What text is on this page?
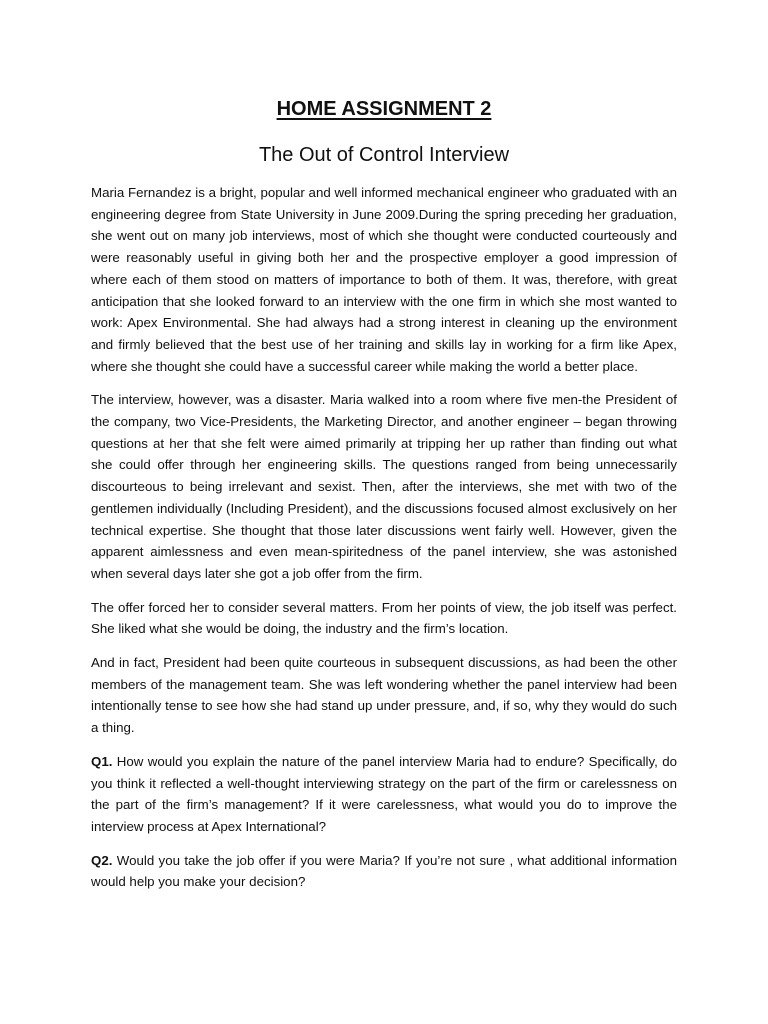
HOME ASSIGNMENT 2
The Out of Control Interview

Maria Fernandez is a bright, popular and well informed mechanical engineer who graduated with an engineering degree from State University in June 2009.During the spring preceding her graduation, she went out on many job interviews, most of which she thought were conducted courteously and were reasonably useful in giving both her and the prospective employer a good impression of where each of them stood on matters of importance to both of them. It was, therefore, with great anticipation that she looked forward to an interview with the one firm in which she most wanted to work: Apex Environmental. She had always had a strong interest in cleaning up the environment and firmly believed that the best use of her training and skills lay in working for a firm like Apex, where she thought she could have a successful career while making the world a better place.

The interview, however, was a disaster. Maria walked into a room where five men-the President of the company, two Vice-Presidents, the Marketing Director, and another engineer – began throwing questions at her that she felt were aimed primarily at tripping her up rather than finding out what she could offer through her engineering skills. The questions ranged from being unnecessarily discourteous to being irrelevant and sexist. Then, after the interviews, she met with two of the gentlemen individually (Including President), and the discussions focused almost exclusively on her technical expertise. She thought that those later discussions went fairly well. However, given the apparent aimlessness and even mean-spiritedness of the panel interview, she was astonished when several days later she got a job offer from the firm.

The offer forced her to consider several matters. From her points of view, the job itself was perfect. She liked what she would be doing, the industry and the firm’s location.

And in fact, President had been quite courteous in subsequent discussions, as had been the other members of the management team. She was left wondering whether the panel interview had been intentionally tense to see how she had stand up under pressure, and, if so, why they would do such a thing.

Q1. How would you explain the nature of the panel interview Maria had to endure? Specifically, do you think it reflected a well-thought interviewing strategy on the part of the firm or carelessness on the part of the firm’s management? If it were carelessness, what would you do to improve the interview process at Apex International?

Q2. Would you take the job offer if you were Maria? If you’re not sure , what additional information would help you make your decision?
